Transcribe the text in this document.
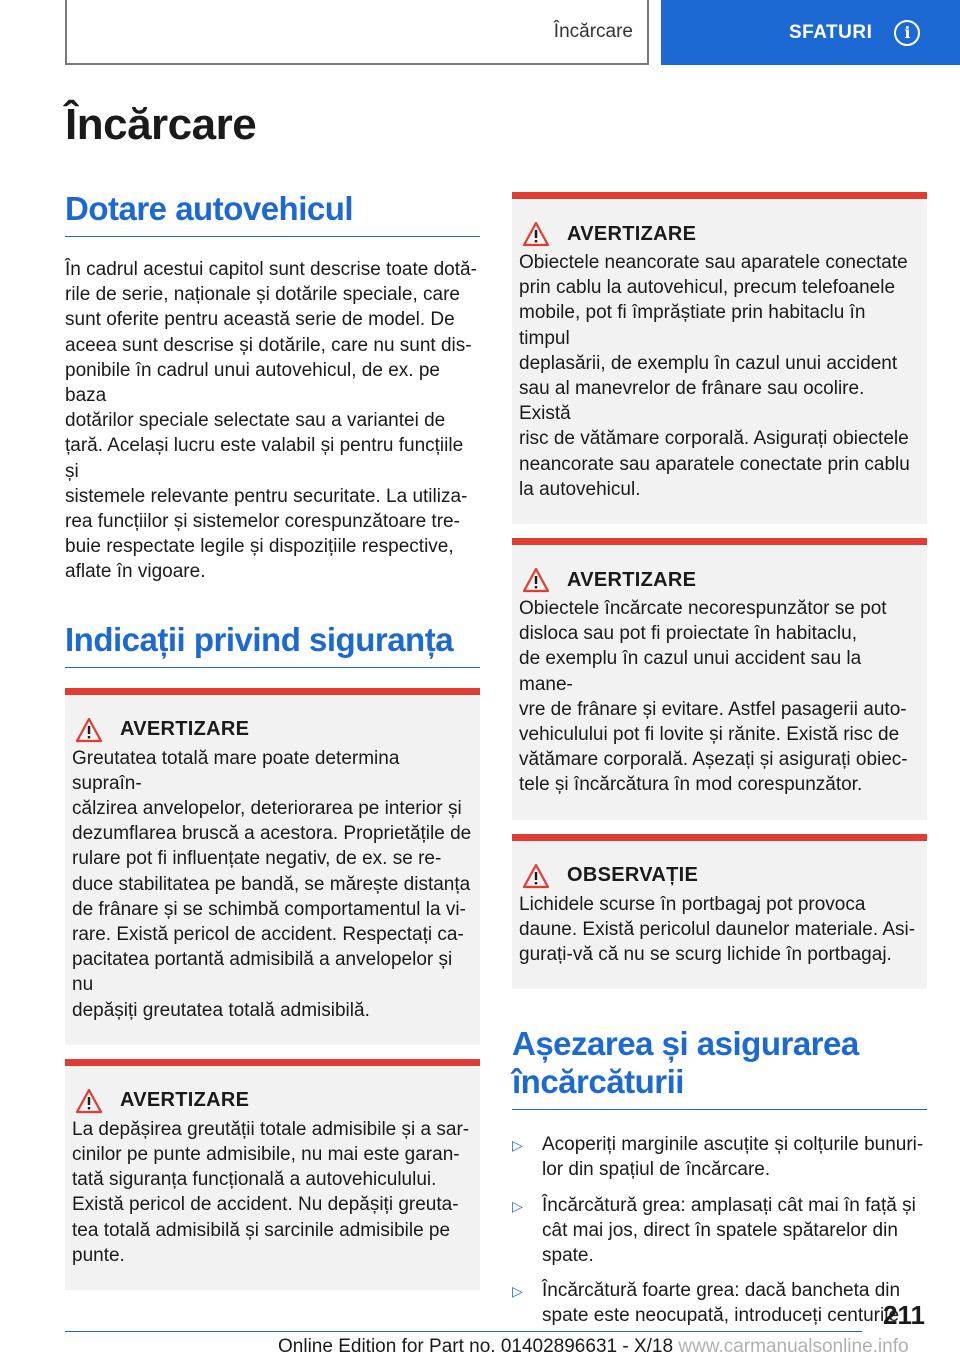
Încărcare	SFATURI	i
Încărcare
Dotare autovehicul
În cadrul acestui capitol sunt descrise toate dotă-
rile de serie, naționale și dotările speciale, care
sunt oferite pentru această serie de model. De
aceea sunt descrise și dotările, care nu sunt dis-
ponibile în cadrul unui autovehicul, de ex. pe baza
dotărilor speciale selectate sau a variantei de
țară. Același lucru este valabil și pentru funcțiile și
sistemele relevante pentru securitate. La utiliza-
rea funcțiilor și sistemelor corespunzătoare tre-
buie respectate legile și dispozițiile respective,
aflate în vigoare.
Indicații privind siguranța
AVERTIZARE
Greutatea totală mare poate determina supraîn-
călzirea anvelopelor, deteriorarea pe interior și
dezumflarea bruscă a acestora. Proprietățile de
rulare pot fi influențate negativ, de ex. se re-
duce stabilitatea pe bandă, se mărește distanța
de frânare și se schimbă comportamentul la vi-
rare. Există pericol de accident. Respectați ca-
pacitatea portantă admisibilă a anvelopelor și nu
depășiți greutatea totală admisibilă.
AVERTIZARE
La depășirea greutății totale admisibile și a sar-
cinilor pe punte admisibile, nu mai este garan-
tată siguranța funcțională a autovehiculului.
Există pericol de accident. Nu depășiți greuta-
tea totală admisibilă și sarcinile admisibile pe
punte.
AVERTIZARE
Obiectele neancorate sau aparatele conectate
prin cablu la autovehicul, precum telefoanele
mobile, pot fi împrăștiate prin habitaclu în timpul
deplasării, de exemplu în cazul unui accident
sau al manevrelor de frânare sau ocolire. Există
risc de vătămare corporală. Asigurați obiectele
neancorate sau aparatele conectate prin cablu
la autovehicul.
AVERTIZARE
Obiectele încărcate necorespunzător se pot
disloca sau pot fi proiectate în habitaclu,
de exemplu în cazul unui accident sau la mane-
vre de frânare și evitare. Astfel pasagerii auto-
vehiculului pot fi lovite și rănite. Există risc de
vătămare corporală. Așezați și asigurați obiec-
tele și încărcătura în mod corespunzător.
OBSERVAȚIE
Lichidele scurse în portbagaj pot provoca
daune. Există pericolul daunelor materiale. Asi-
gurați-vă că nu se scurg lichide în portbagaj.
Așezarea și asigurarea
încărcăturii
▷	Acoperiți marginile ascuțite și colțurile bunuri-
lor din spațiul de încărcare.
▷	Încărcătură grea: amplasați cât mai în față și
cât mai jos, direct în spatele spătarelor din
spate.
▷	Încărcătură foarte grea: dacă bancheta din
spate este neocupată, introduceți centurile
211
Online Edition for Part no. 01402896631 - X/18 www.carmanualsonline.info
